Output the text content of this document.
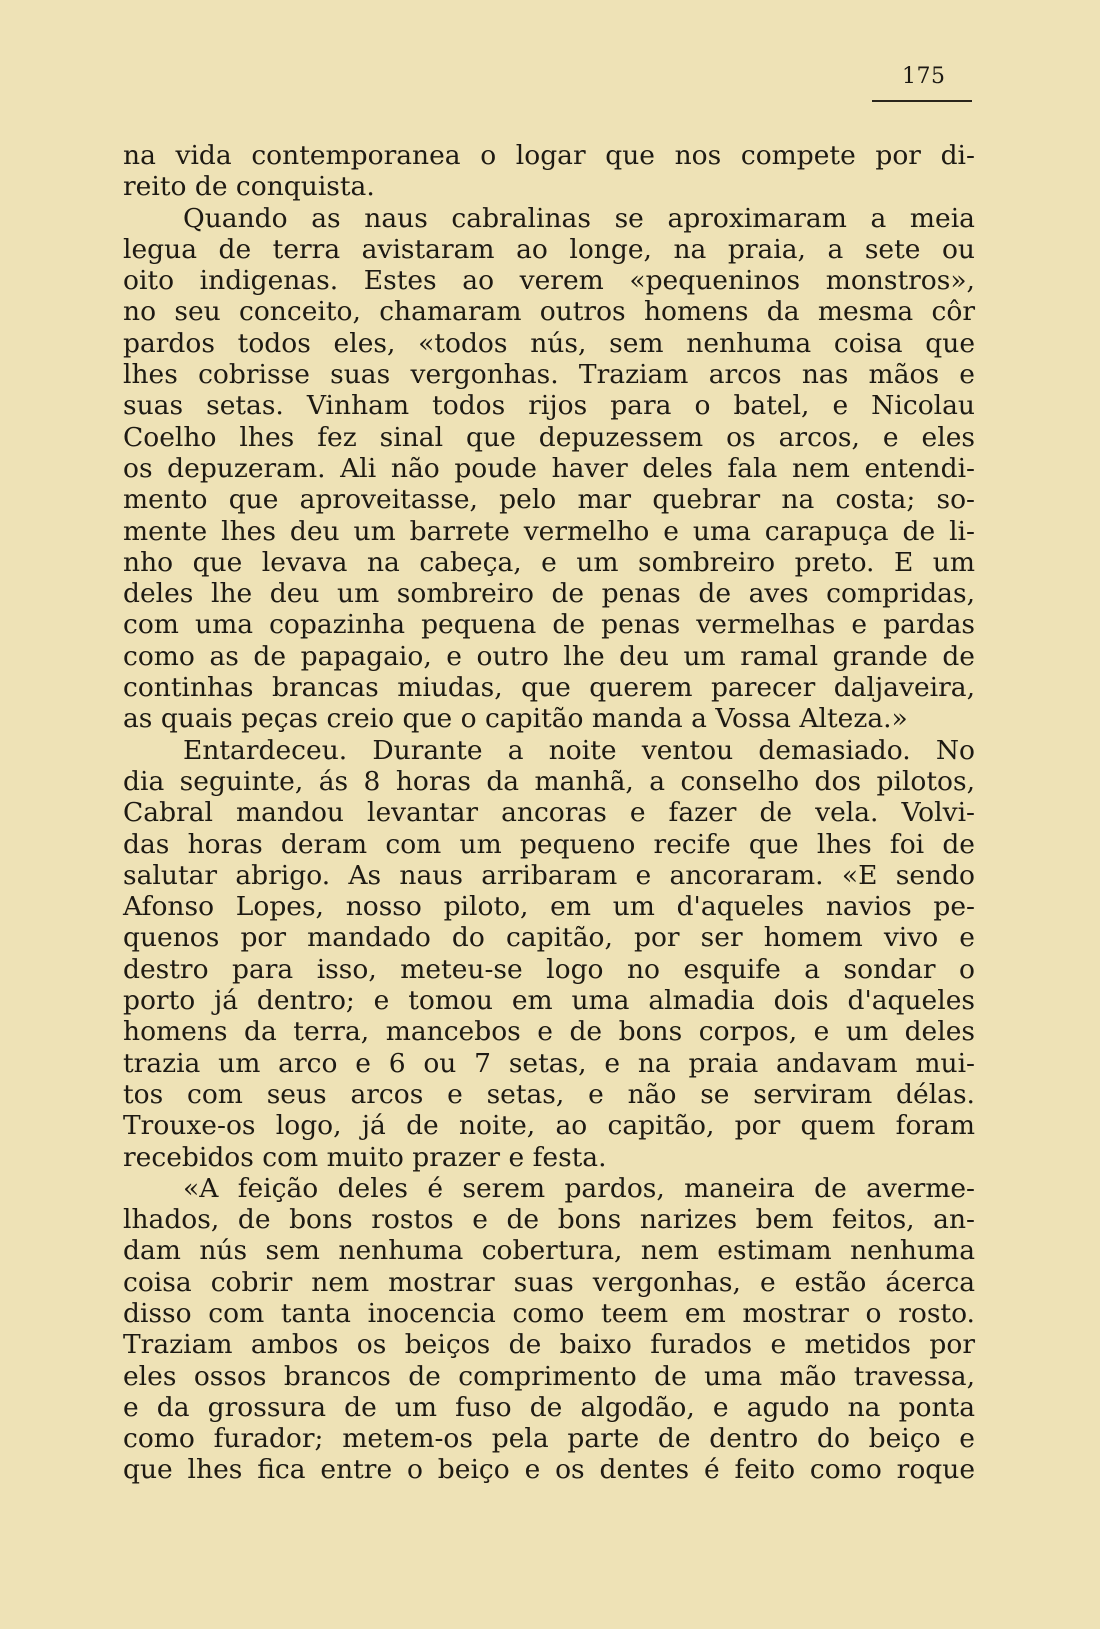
175
na vida contemporanea o logar que nos compete por di-
reito de conquista.
Quando as naus cabralinas se aproximaram a meia
legua de terra avistaram ao longe, na praia, a sete ou
oito indigenas. Estes ao verem «pequeninos monstros»,
no seu conceito, chamaram outros homens da mesma côr
pardos todos eles, «todos nús, sem nenhuma coisa que
lhes cobrisse suas vergonhas. Traziam arcos nas mãos e
suas setas. Vinham todos rijos para o batel, e Nicolau
Coelho lhes fez sinal que depuzessem os arcos, e eles
os depuzeram. Ali não poude haver deles fala nem entendi-
mento que aproveitasse, pelo mar quebrar na costa; so-
mente lhes deu um barrete vermelho e uma carapuça de li-
nho que levava na cabeça, e um sombreiro preto. E um
deles lhe deu um sombreiro de penas de aves compridas,
com uma copazinha pequena de penas vermelhas e pardas
como as de papagaio, e outro lhe deu um ramal grande de
continhas brancas miudas, que querem parecer daljaveira,
as quais peças creio que o capitão manda a Vossa Alteza.»
Entardeceu. Durante a noite ventou demasiado. No
dia seguinte, ás 8 horas da manhã, a conselho dos pilotos,
Cabral mandou levantar ancoras e fazer de vela. Volvi-
das horas deram com um pequeno recife que lhes foi de
salutar abrigo. As naus arribaram e ancoraram. «E sendo
Afonso Lopes, nosso piloto, em um d'aqueles navios pe-
quenos por mandado do capitão, por ser homem vivo e
destro para isso, meteu-se logo no esquife a sondar o
porto já dentro; e tomou em uma almadia dois d'aqueles
homens da terra, mancebos e de bons corpos, e um deles
trazia um arco e 6 ou 7 setas, e na praia andavam mui-
tos com seus arcos e setas, e não se serviram délas.
Trouxe-os logo, já de noite, ao capitão, por quem foram
recebidos com muito prazer e festa.
«A feição deles é serem pardos, maneira de averme-
lhados, de bons rostos e de bons narizes bem feitos, an-
dam nús sem nenhuma cobertura, nem estimam nenhuma
coisa cobrir nem mostrar suas vergonhas, e estão ácerca
disso com tanta inocencia como teem em mostrar o rosto.
Traziam ambos os beiços de baixo furados e metidos por
eles ossos brancos de comprimento de uma mão travessa,
e da grossura de um fuso de algodão, e agudo na ponta
como furador; metem-os pela parte de dentro do beiço e
que lhes fica entre o beiço e os dentes é feito como roque
